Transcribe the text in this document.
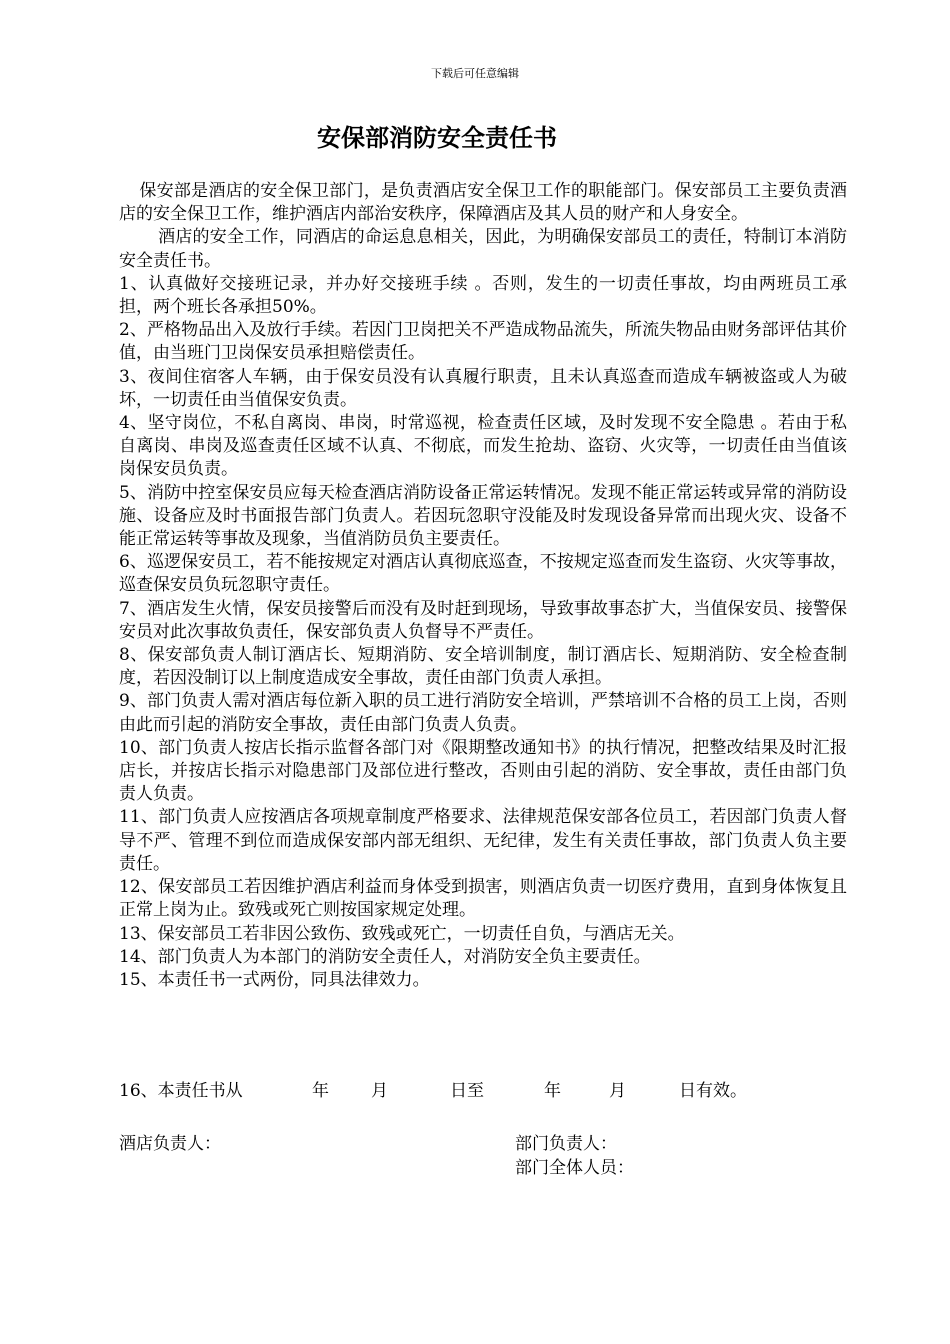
下载后可任意编辑
安保部消防安全责任书

保安部是酒店的安全保卫部门，是负责酒店安全保卫工作的职能部门。保安部员工主要负责酒店的安全保卫工作，维护酒店内部治安秩序，保障酒店及其人员的财产和人身安全。

酒店的安全工作，同酒店的命运息息相关，因此，为明确保安部员工的责任，特制订本消防安全责任书。

1、认真做好交接班记录，并办好交接班手续 。否则，发生的一切责任事故，均由两班员工承担，两个班长各承担50%。

2、严格物品出入及放行手续。若因门卫岗把关不严造成物品流失，所流失物品由财务部评估其价值，由当班门卫岗保安员承担赔偿责任。

3、夜间住宿客人车辆，由于保安员没有认真履行职责，且未认真巡查而造成车辆被盗或人为破坏，一切责任由当值保安负责。

4、坚守岗位，不私自离岗、串岗，时常巡视，检查责任区域，及时发现不安全隐患 。若由于私自离岗、串岗及巡查责任区域不认真、不彻底，而发生抢劫、盗窃、火灾等，一切责任由当值该岗保安员负责。

5、消防中控室保安员应每天检查酒店消防设备正常运转情况。发现不能正常运转或异常的消防设施、设备应及时书面报告部门负责人。若因玩忽职守没能及时发现设备异常而出现火灾、设备不能正常运转等事故及现象，当值消防员负主要责任。

6、巡逻保安员工，若不能按规定对酒店认真彻底巡查，不按规定巡查而发生盗窃、火灾等事故，巡查保安员负玩忽职守责任。

7、酒店发生火情，保安员接警后而没有及时赶到现场，导致事故事态扩大，当值保安员、接警保安员对此次事故负责任，保安部负责人负督导不严责任。

8、保安部负责人制订酒店长、短期消防、安全培训制度，制订酒店长、短期消防、安全检查制度，若因没制订以上制度造成安全事故，责任由部门负责人承担。

9、部门负责人需对酒店每位新入职的员工进行消防安全培训，严禁培训不合格的员工上岗，否则由此而引起的消防安全事故，责任由部门负责人负责。

10、部门负责人按店长指示监督各部门对《限期整改通知书》的执行情况，把整改结果及时汇报店长，并按店长指示对隐患部门及部位进行整改，否则由引起的消防、安全事故，责任由部门负责人负责。

11、部门负责人应按酒店各项规章制度严格要求、法律规范保安部各位员工，若因部门负责人督导不严、管理不到位而造成保安部内部无组织、无纪律，发生有关责任事故，部门负责人负主要责任。

12、保安部员工若因维护酒店利益而身体受到损害，则酒店负责一切医疗费用，直到身体恢复且正常上岗为止。致残或死亡则按国家规定处理。

13、保安部员工若非因公致伤、致残或死亡，一切责任自负，与酒店无关。

14、部门负责人为本部门的消防安全责任人，对消防安全负主要责任。

15、本责任书一式两份，同具法律效力。

16、本责任书从	年 月	日至	年	月	日有效。
酒店负责人：	部门负责人：
部门全体人员：
